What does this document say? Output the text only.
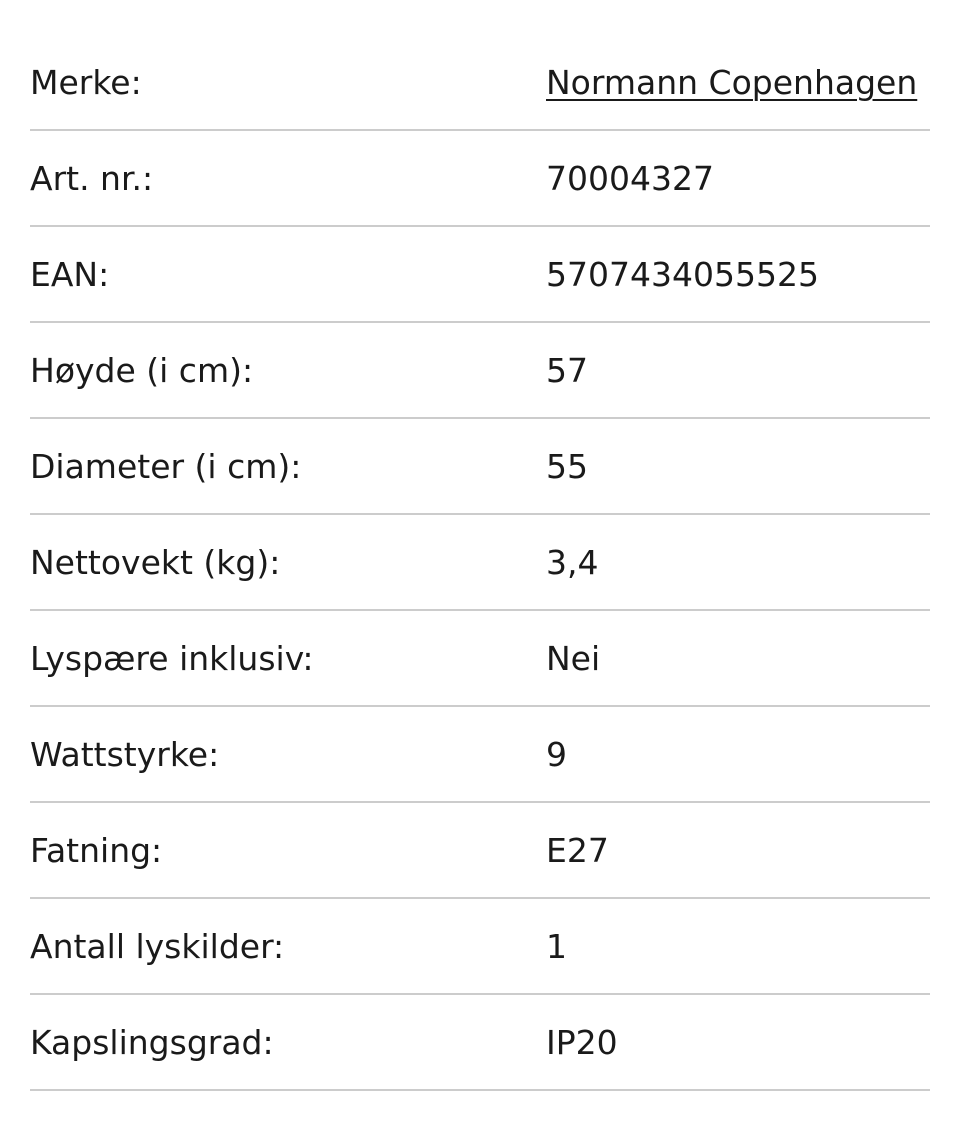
Merke:	Normann Copenhagen
Art. nr.:	70004327
EAN:	5707434055525
Høyde (i cm):	57
Diameter (i cm):	55
Nettovekt (kg):	3,4
Lyspære inklusiv:	Nei
Wattstyrke:	9
Fatning:	E27
Antall lyskilder:	1
Kapslingsgrad:	IP20
